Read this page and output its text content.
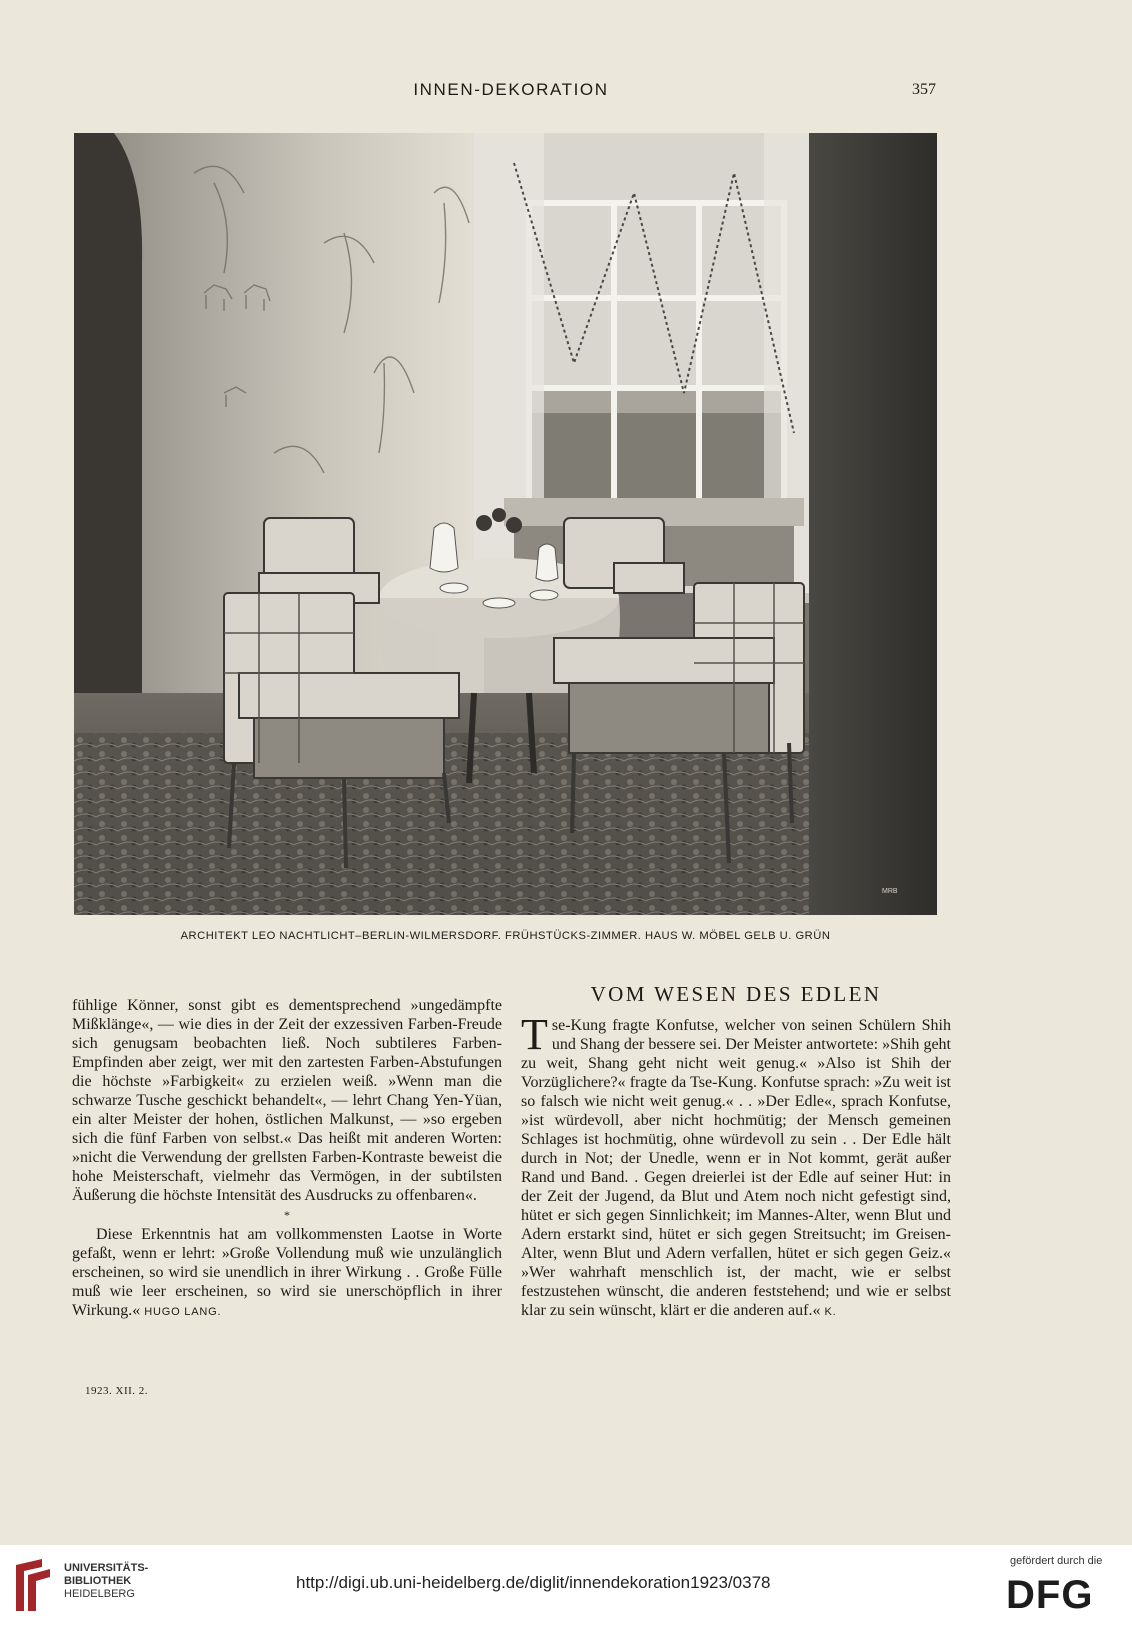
INNEN-DEKORATION	357
MRB
ARCHITEKT LEO NACHTLICHT–BERLIN-WILMERSDORF. FRÜHSTÜCKS-ZIMMER. HAUS W. MÖBEL GELB U. GRÜN

fühlige Könner, sonst gibt es dementsprechend »ungedämpfte Mißklänge«, — wie dies in der Zeit der exzessiven Farben-Freude sich genugsam beobachten ließ. Noch subtileres Farben-Empfinden aber zeigt, wer mit den zartesten Farben-Abstufungen die höchste »Farbigkeit« zu erzielen weiß. »Wenn man die schwarze Tusche geschickt behandelt«, — lehrt Chang Yen-Yüan, ein alter Meister der hohen, östlichen Malkunst, — »so ergeben sich die fünf Farben von selbst.« Das heißt mit anderen Worten: »nicht die Verwendung der grellsten Farben-Kontraste beweist die hohe Meisterschaft, vielmehr das Vermögen, in der subtilsten Äußerung die höchste Intensität des Ausdrucks zu offenbaren«.

*

Diese Erkenntnis hat am vollkommensten Laotse in Worte gefaßt, wenn er lehrt: »Große Vollendung muß wie unzulänglich erscheinen, so wird sie unendlich in ihrer Wirkung . . Große Fülle muß wie leer erscheinen, so wird sie unerschöpflich in ihrer Wirkung.« HUGO LANG.

VOM WESEN DES EDLEN

Tse-Kung fragte Konfutse, welcher von seinen Schülern Shih und Shang der bessere sei. Der Meister antwortete: »Shih geht zu weit, Shang geht nicht weit genug.« »Also ist Shih der Vorzüglichere?« fragte da Tse-Kung. Konfutse sprach: »Zu weit ist so falsch wie nicht weit genug.« . . »Der Edle«, sprach Konfutse, »ist würdevoll, aber nicht hochmütig; der Mensch gemeinen Schlages ist hochmütig, ohne würdevoll zu sein . . Der Edle hält durch in Not; der Unedle, wenn er in Not kommt, gerät außer Rand und Band. . Gegen dreierlei ist der Edle auf seiner Hut: in der Zeit der Jugend, da Blut und Atem noch nicht gefestigt sind, hütet er sich gegen Sinnlichkeit; im Mannes-Alter, wenn Blut und Adern erstarkt sind, hütet er sich gegen Streitsucht; im Greisen-Alter, wenn Blut und Adern verfallen, hütet er sich gegen Geiz.« »Wer wahrhaft menschlich ist, der macht, wie er selbst festzustehen wünscht, die anderen feststehend; und wie er selbst klar zu sein wünscht, klärt er die anderen auf.« K.

1923. XII. 2.
UNIVERSITÄTS-
BIBLIOTHEK
HEIDELBERG
http://digi.ub.uni-heidelberg.de/diglit/innendekoration1923/0378
gefördert durch die
DFG
